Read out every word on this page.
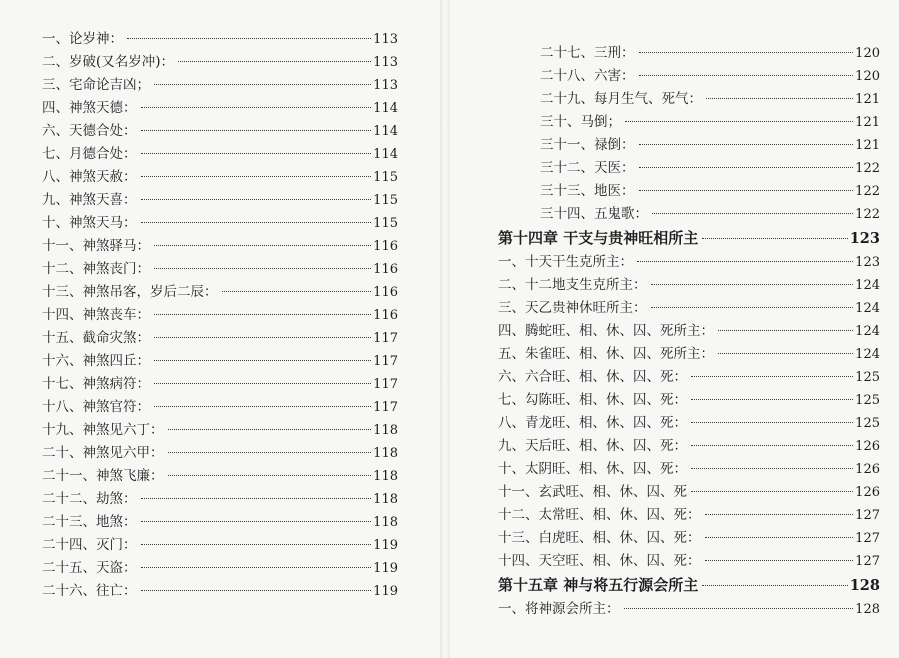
一、论岁神：	113
二、岁破(又名岁冲)：	113
三、宅命论吉凶；	113
四、神煞天德：	114
六、天德合处：	114
七、月德合处：	114
八、神煞天赦：	115
九、神煞天喜：	115
十、神煞天马：	115
十一、神煞驿马：	116
十二、神煞丧门：	116
十三、神煞吊客，岁后二辰：	116
十四、神煞丧车：	116
十五、截命灾煞：	117
十六、神煞四丘：	117
十七、神煞病符：	117
十八、神煞官符：	117
十九、神煞见六丁：	118
二十、神煞见六甲：	118
二十一、神煞飞廉：	118
二十二、劫煞：	118
二十三、地煞：	118
二十四、灭门：	119
二十五、天盗：	119
二十六、往亡：	119
二十七、三刑：	120
二十八、六害：	120
二十九、每月生气、死气：	121
三十、马倒；	121
三十一、禄倒：	121
三十二、天医：	122
三十三、地医：	122
三十四、五鬼歌：	122
第十四章 干支与贵神旺相所主	123
一、十天干生克所主：	123
二、十二地支生克所主：	124
三、天乙贵神休旺所主：	124
四、腾蛇旺、相、休、囚、死所主：	124
五、朱雀旺、相、休、囚、死所主：	124
六、六合旺、相、休、囚、死：	125
七、勾陈旺、相、休、囚、死：	125
八、青龙旺、相、休、囚、死：	125
九、天后旺、相、休、囚、死：	126
十、太阴旺、相、休、囚、死：	126
十一、玄武旺、相、休、囚、死	126
十二、太常旺、相、休、囚、死：	127
十三、白虎旺、相、休、囚、死：	127
十四、天空旺、相、休、囚、死：	127
第十五章 神与将五行源会所主	128
一、将神源会所主：	128
